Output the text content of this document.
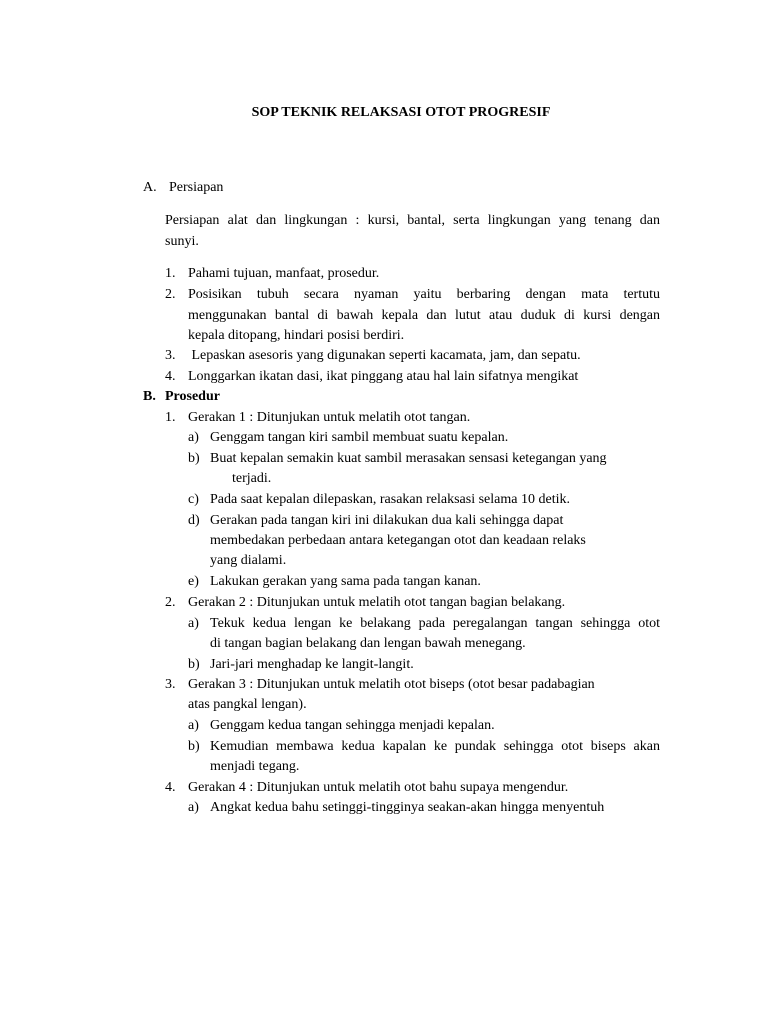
SOP TEKNIK RELAKSASI OTOT PROGRESIF
A. Persiapan
Persiapan alat dan lingkungan : kursi, bantal, serta lingkungan yang tenang dan
sunyi.
1. Pahami tujuan, manfaat, prosedur.
2. Posisikan tubuh secara nyaman yaitu berbaring dengan mata tertutu
menggunakan bantal di bawah kepala dan lutut atau duduk di kursi dengan
kepala ditopang, hindari posisi berdiri.
3. Lepaskan asesoris yang digunakan seperti kacamata, jam, dan sepatu.
4. Longgarkan ikatan dasi, ikat pinggang atau hal lain sifatnya mengikat
B. Prosedur
1. Gerakan 1 : Ditunjukan untuk melatih otot tangan.
a) Genggam tangan kiri sambil membuat suatu kepalan.
b) Buat kepalan semakin kuat sambil merasakan sensasi ketegangan yang
terjadi.
c) Pada saat kepalan dilepaskan, rasakan relaksasi selama 10 detik.
d) Gerakan pada tangan kiri ini dilakukan dua kali sehingga dapat
membedakan perbedaan antara ketegangan otot dan keadaan relaks
yang dialami.
e) Lakukan gerakan yang sama pada tangan kanan.
2. Gerakan 2 : Ditunjukan untuk melatih otot tangan bagian belakang.
a) Tekuk kedua lengan ke belakang pada peregalangan tangan sehingga otot
di tangan bagian belakang dan lengan bawah menegang.
b) Jari-jari menghadap ke langit-langit.
3. Gerakan 3 : Ditunjukan untuk melatih otot biseps (otot besar padabagian
atas pangkal lengan).
a) Genggam kedua tangan sehingga menjadi kepalan.
b) Kemudian membawa kedua kapalan ke pundak sehingga otot biseps akan
menjadi tegang.
4. Gerakan 4 : Ditunjukan untuk melatih otot bahu supaya mengendur.
a) Angkat kedua bahu setinggi-tingginya seakan-akan hingga menyentuh
